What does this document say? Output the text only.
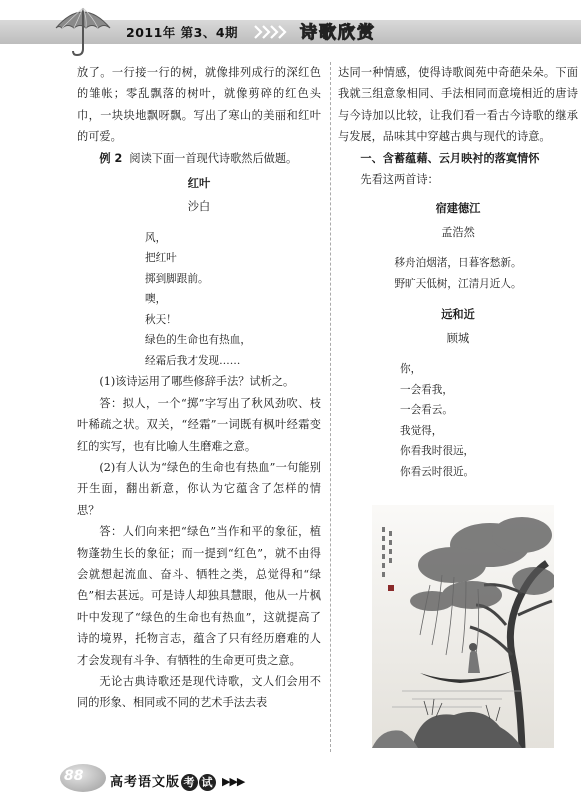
2011年 第3、4期	诗歌欣赏

放了。一行接一行的树，就像排列成行的深红色的雏帐；零乱飘落的树叶，就像剪碎的红色头巾，一块块地飘呀飘。写出了寒山的美丽和红叶的可爱。

例 2 阅读下面一首现代诗歌然后做题。

红叶
沙白
风，
把红叶
掷到脚跟前。
噢，
秋天！
绿色的生命也有热血，
经霜后我才发现……

(1)该诗运用了哪些修辞手法？试析之。

答：拟人，一个“掷”字写出了秋风劲吹、枝叶稀疏之状。双关，“经霜”一词既有枫叶经霜变红的实写，也有比喻人生磨难之意。

(2)有人认为“绿色的生命也有热血”一句能别开生面，翻出新意，你认为它蕴含了怎样的情思？

答：人们向来把“绿色”当作和平的象征，植物蓬勃生长的象征；而一提到“红色”，就不由得会就想起流血、奋斗、牺牲之类，总觉得和“绿色”相去甚远。可是诗人却独具慧眼，他从一片枫叶中发现了“绿色的生命也有热血”，这就提高了诗的境界，托物言志，蕴含了只有经历磨难的人才会发现有斗争、有牺牲的生命更可贵之意。

无论古典诗歌还是现代诗歌，文人们会用不同的形象、相同或不同的艺术手法去表

达同一种情感，使得诗歌阆苑中奇葩朵朵。下面我就三组意象相同、手法相同而意境相近的唐诗与今诗加以比较，让我们看一看古今诗歌的继承与发展，品味其中穿越古典与现代的诗意。

一、含蓄蕴藉、云月映衬的落寞情怀

先看这两首诗：

宿建德江
孟浩然
移舟泊烟渚，日暮客愁新。
野旷天低树，江清月近人。
远和近
顾城
你，
一会看我，
一会看云。
我觉得，
你看我时很远，
你看云时很近。
88 高考语文版 考 试 ▶▶▶
